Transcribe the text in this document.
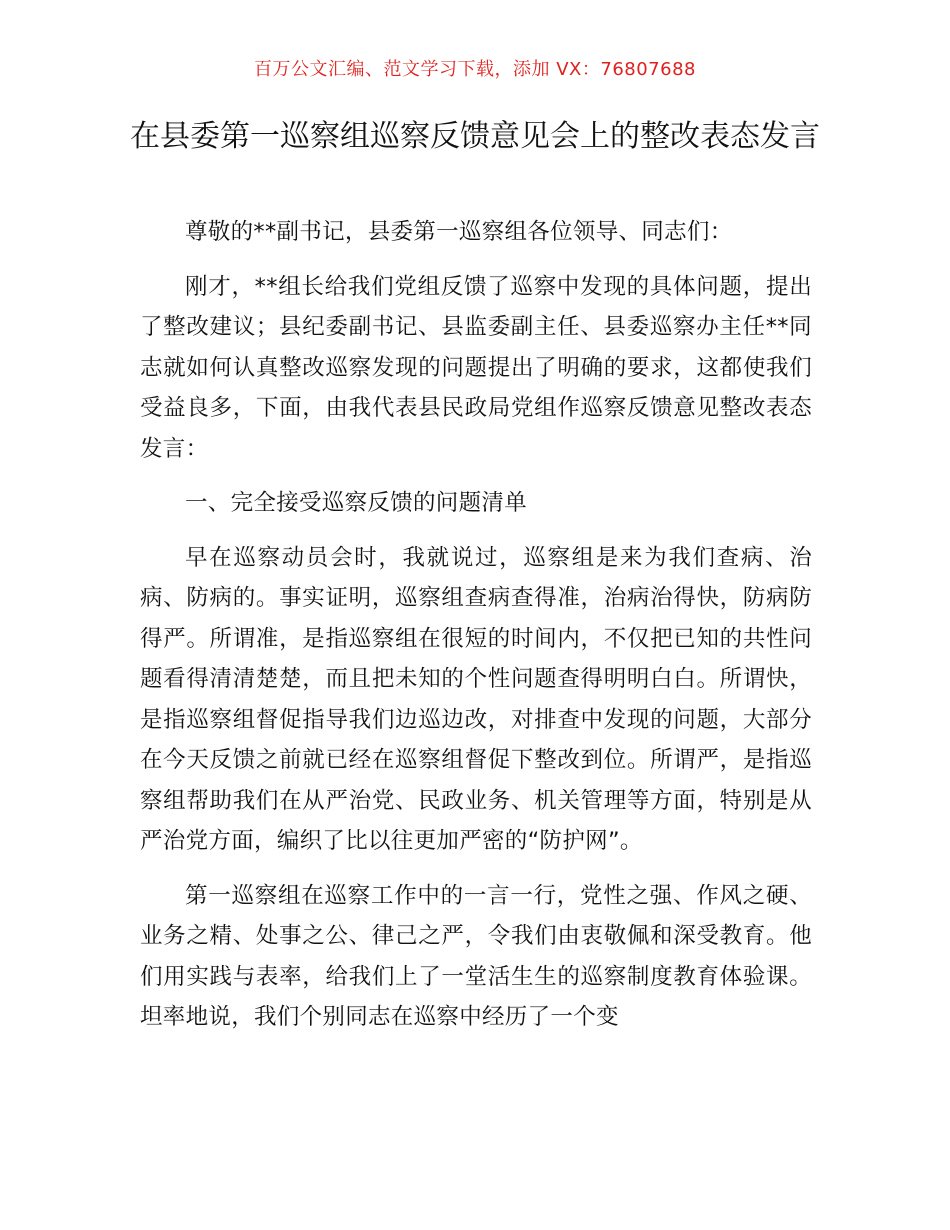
百万公文汇编、范文学习下载，添加 VX：76807688
在县委第一巡察组巡察反馈意见会上的整改表态发言

尊敬的**副书记，县委第一巡察组各位领导、同志们：

刚才，**组长给我们党组反馈了巡察中发现的具体问题，提出了整改建议；县纪委副书记、县监委副主任、县委巡察办主任**同志就如何认真整改巡察发现的问题提出了明确的要求，这都使我们受益良多，下面，由我代表县民政局党组作巡察反馈意见整改表态发言：

一、完全接受巡察反馈的问题清单

早在巡察动员会时，我就说过，巡察组是来为我们查病、治病、防病的。事实证明，巡察组查病查得准，治病治得快，防病防得严。所谓准，是指巡察组在很短的时间内，不仅把已知的共性问题看得清清楚楚，而且把未知的个性问题查得明明白白。所谓快，是指巡察组督促指导我们边巡边改，对排查中发现的问题，大部分在今天反馈之前就已经在巡察组督促下整改到位。所谓严，是指巡察组帮助我们在从严治党、民政业务、机关管理等方面，特别是从严治党方面，编织了比以往更加严密的“防护网”。

第一巡察组在巡察工作中的一言一行，党性之强、作风之硬、业务之精、处事之公、律己之严，令我们由衷敬佩和深受教育。他们用实践与表率，给我们上了一堂活生生的巡察制度教育体验课。坦率地说，我们个别同志在巡察中经历了一个变
